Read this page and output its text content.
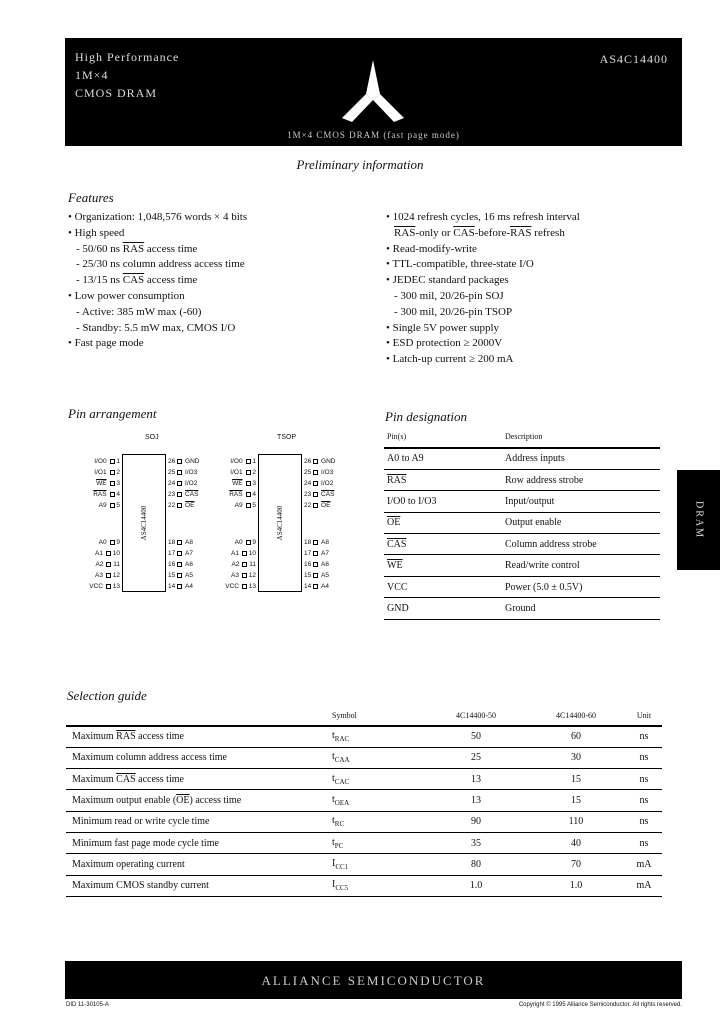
High Performance
1M×4
CMOS DRAM
AS4C14400
1M×4 CMOS DRAM (fast page mode)
Preliminary information
Features
• Organization: 1,048,576 words × 4 bits
• High speed
- 50/60 ns $\overline{RAS}$ access time
- 25/30 ns column address access time
- 13/15 ns $\overline{CAS}$ access time
• Low power consumption
- Active: 385 mW max (-60)
- Standby: 5.5 mW max, CMOS I/O
• Fast page mode
• 1024 refresh cycles, 16 ms refresh interval
$\overline{RAS}$-only or $\overline{CAS}-before-\overline{RAS}$ refresh
• Read-modify-write
• TTL-compatible, three-state I/O
• JEDEC standard packages
- 300 mil, 20/26-pin SOJ
- 300 mil, 20/26-pin TSOP
• Single 5V power supply
• ESD protection ≥ 2000V
• Latch-up current ≥ 200 mA
Pin arrangement
SOJ	TSOP
AS4C14400
I/O0 1
I/O1 2
$\overline{WE}$ 3
$\overline{RAS}$ 4
A9 5
A0 9
A1 10
A2 11
A3 12
VCC 13
26 GND
25 I/O3
24 I/O2
23 $\overline{CAS}$
22 $\overline{OE}$
18 A8
17 A7
16 A6
15 A5
14 A4
AS4C14400
I/O0 1
I/O1 2
$\overline{WE}$ 3
$\overline{RAS}$ 4
A9 5
A0 9
A1 10
A2 11
A3 12
VCC 13
26 GND
25 I/O3
24 I/O2
23 $\overline{CAS}$
22 $\overline{OE}$
18 A8
17 A7
16 A6
15 A5
14 A4
Pin designation
Pin(s)	Description
A0 to A9	Address inputs
$\overline{RAS}$	Row address strobe
I/O0 to I/O3	Input/output
$\overline{OE}$	Output enable
$\overline{CAS}$	Column address strobe
$\overline{WE}$	Read/write control
VCC	Power (5.0 ± 0.5V)
GND	Ground
DRAM
Selection guide
	Symbol	4C14400-50	4C14400-60	Unit
Maximum $\overline{RAS}$ access time	$t_{RAC}$	50	60	ns
Maximum column address access time	$t_{CAA}$	25	30	ns
Maximum $\overline{CAS}$ access time	$t_{CAC}$	13	15	ns
Maximum output enable $(\overline{OE})$ access time	$t_{OEA}$	13	15	ns
Minimum read or write cycle time	$t_{RC}$	90	110	ns
Minimum fast page mode cycle time	$t_{PC}$	35	40	ns
Maximum operating current	$I_{CC1}$	80	70	mA
Maximum CMOS standby current	$I_{CC5}$	1.0	1.0	mA
ALLIANCE SEMICONDUCTOR
DID 11-30105-A	Copyright © 1995 Alliance Semiconductor. All rights reserved.
